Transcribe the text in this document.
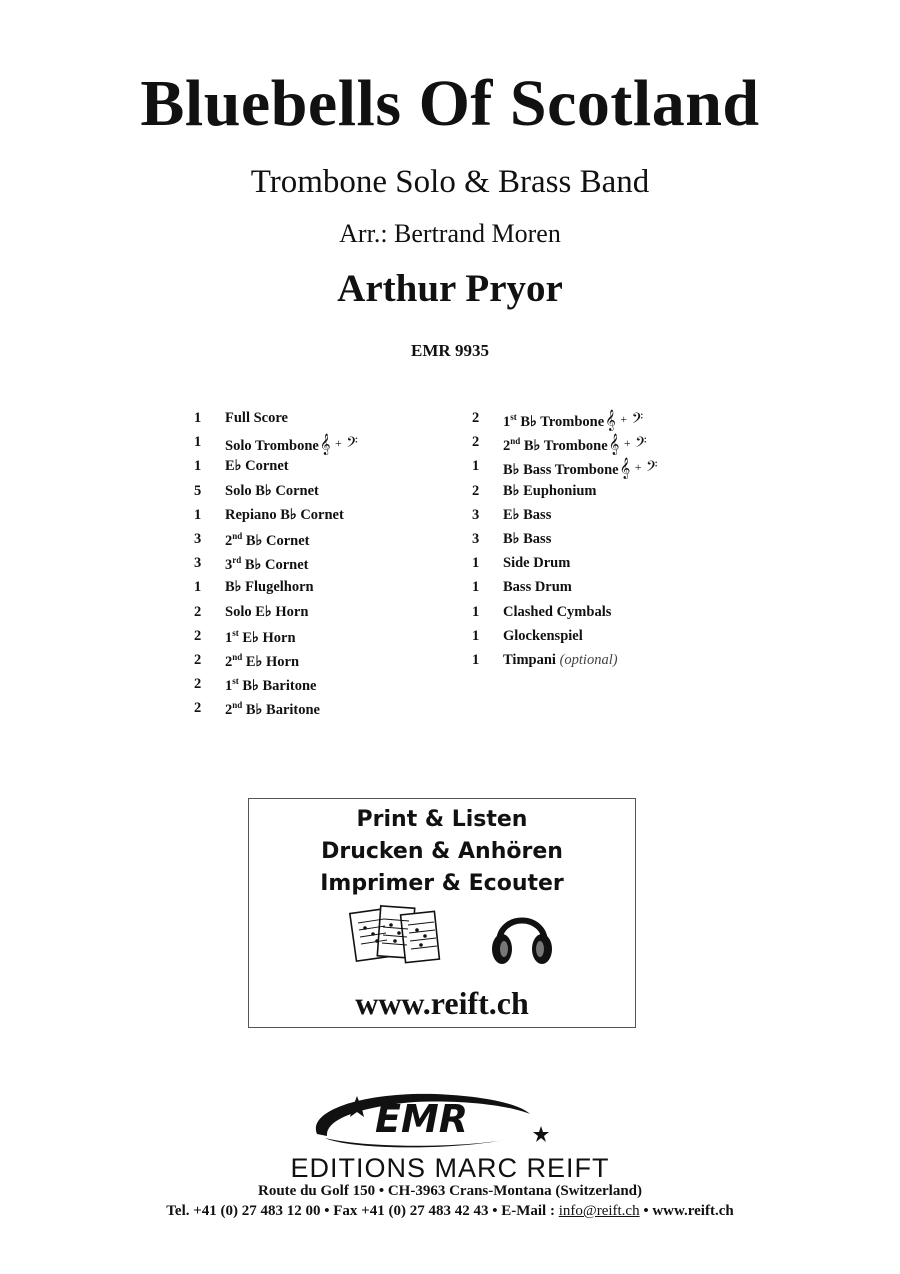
Bluebells Of Scotland
Trombone Solo & Brass Band
Arr.: Bertrand Moren
Arthur Pryor
EMR 9935
1	Full Score
1	Solo Trombone𝄞 + 𝄢
1	E♭ Cornet
5	Solo B♭ Cornet
1	Repiano B♭ Cornet
3	2nd B♭ Cornet
3	3rd B♭ Cornet
1	B♭ Flugelhorn
2	Solo E♭ Horn
2	1st E♭ Horn
2	2nd E♭ Horn
2	1st B♭ Baritone
2	2nd B♭ Baritone
2	1st B♭ Trombone𝄞 + 𝄢
2	2nd B♭ Trombone𝄞 + 𝄢
1	B♭ Bass Trombone𝄞 + 𝄢
2	B♭ Euphonium
3	E♭ Bass
3	B♭ Bass
1	Side Drum
1	Bass Drum
1	Clashed Cymbals
1	Glockenspiel
1	Timpani (optional)
Print & Listen
Drucken & Anhören
Imprimer & Ecouter
www.reift.ch
EMR
EDITIONS MARC REIFT
Route du Golf 150 • CH-3963 Crans-Montana (Switzerland)
Tel. +41 (0) 27 483 12 00 • Fax +41 (0) 27 483 42 43 • E-Mail : info@reift.ch • www.reift.ch
